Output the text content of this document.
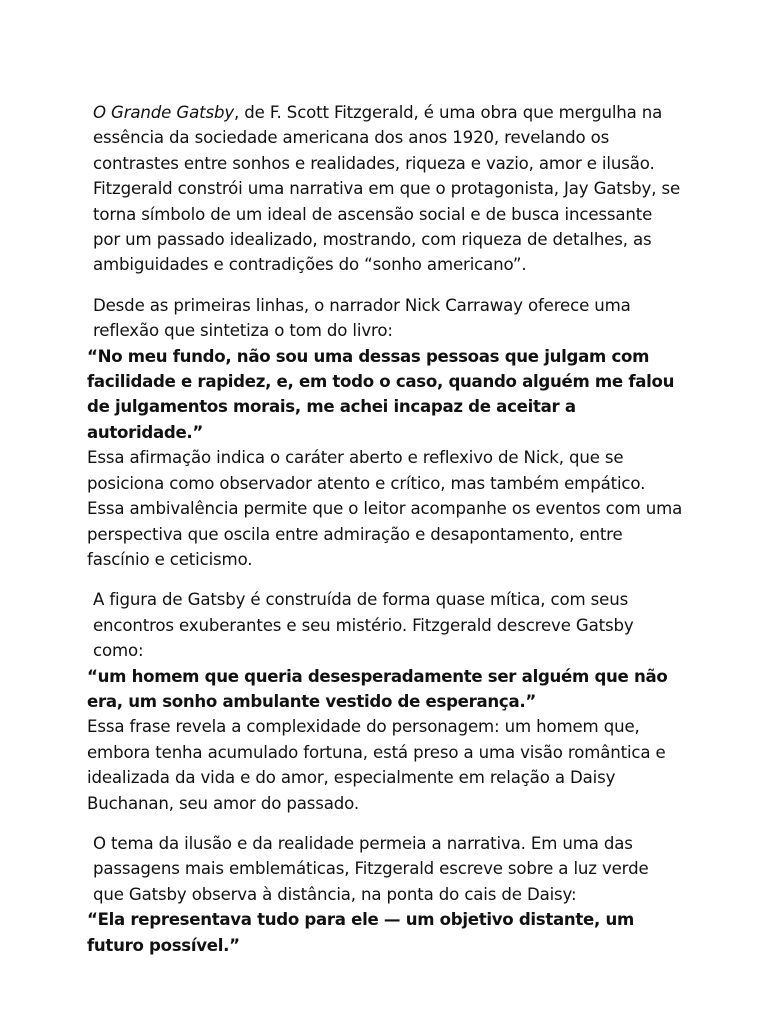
O Grande Gatsby, de F. Scott Fitzgerald, é uma obra que mergulha na essência da sociedade americana dos anos 1920, revelando os contrastes entre sonhos e realidades, riqueza e vazio, amor e ilusão. Fitzgerald constrói uma narrativa em que o protagonista, Jay Gatsby, se torna símbolo de um ideal de ascensão social e de busca incessante por um passado idealizado, mostrando, com riqueza de detalhes, as ambiguidades e contradições do “sonho americano”.

Desde as primeiras linhas, o narrador Nick Carraway oferece uma reflexão que sintetiza o tom do livro:
“No meu fundo, não sou uma dessas pessoas que julgam com facilidade e rapidez, e, em todo o caso, quando alguém me falou de julgamentos morais, me achei incapaz de aceitar a autoridade.”
Essa afirmação indica o caráter aberto e reflexivo de Nick, que se posiciona como observador atento e crítico, mas também empático. Essa ambivalência permite que o leitor acompanhe os eventos com uma perspectiva que oscila entre admiração e desapontamento, entre fascínio e ceticismo.

A figura de Gatsby é construída de forma quase mítica, com seus encontros exuberantes e seu mistério. Fitzgerald descreve Gatsby como:
“um homem que queria desesperadamente ser alguém que não era, um sonho ambulante vestido de esperança.”
Essa frase revela a complexidade do personagem: um homem que, embora tenha acumulado fortuna, está preso a uma visão romântica e idealizada da vida e do amor, especialmente em relação a Daisy Buchanan, seu amor do passado.

O tema da ilusão e da realidade permeia a narrativa. Em uma das passagens mais emblemáticas, Fitzgerald escreve sobre a luz verde que Gatsby observa à distância, na ponta do cais de Daisy:
“Ela representava tudo para ele — um objetivo distante, um futuro possível.”
